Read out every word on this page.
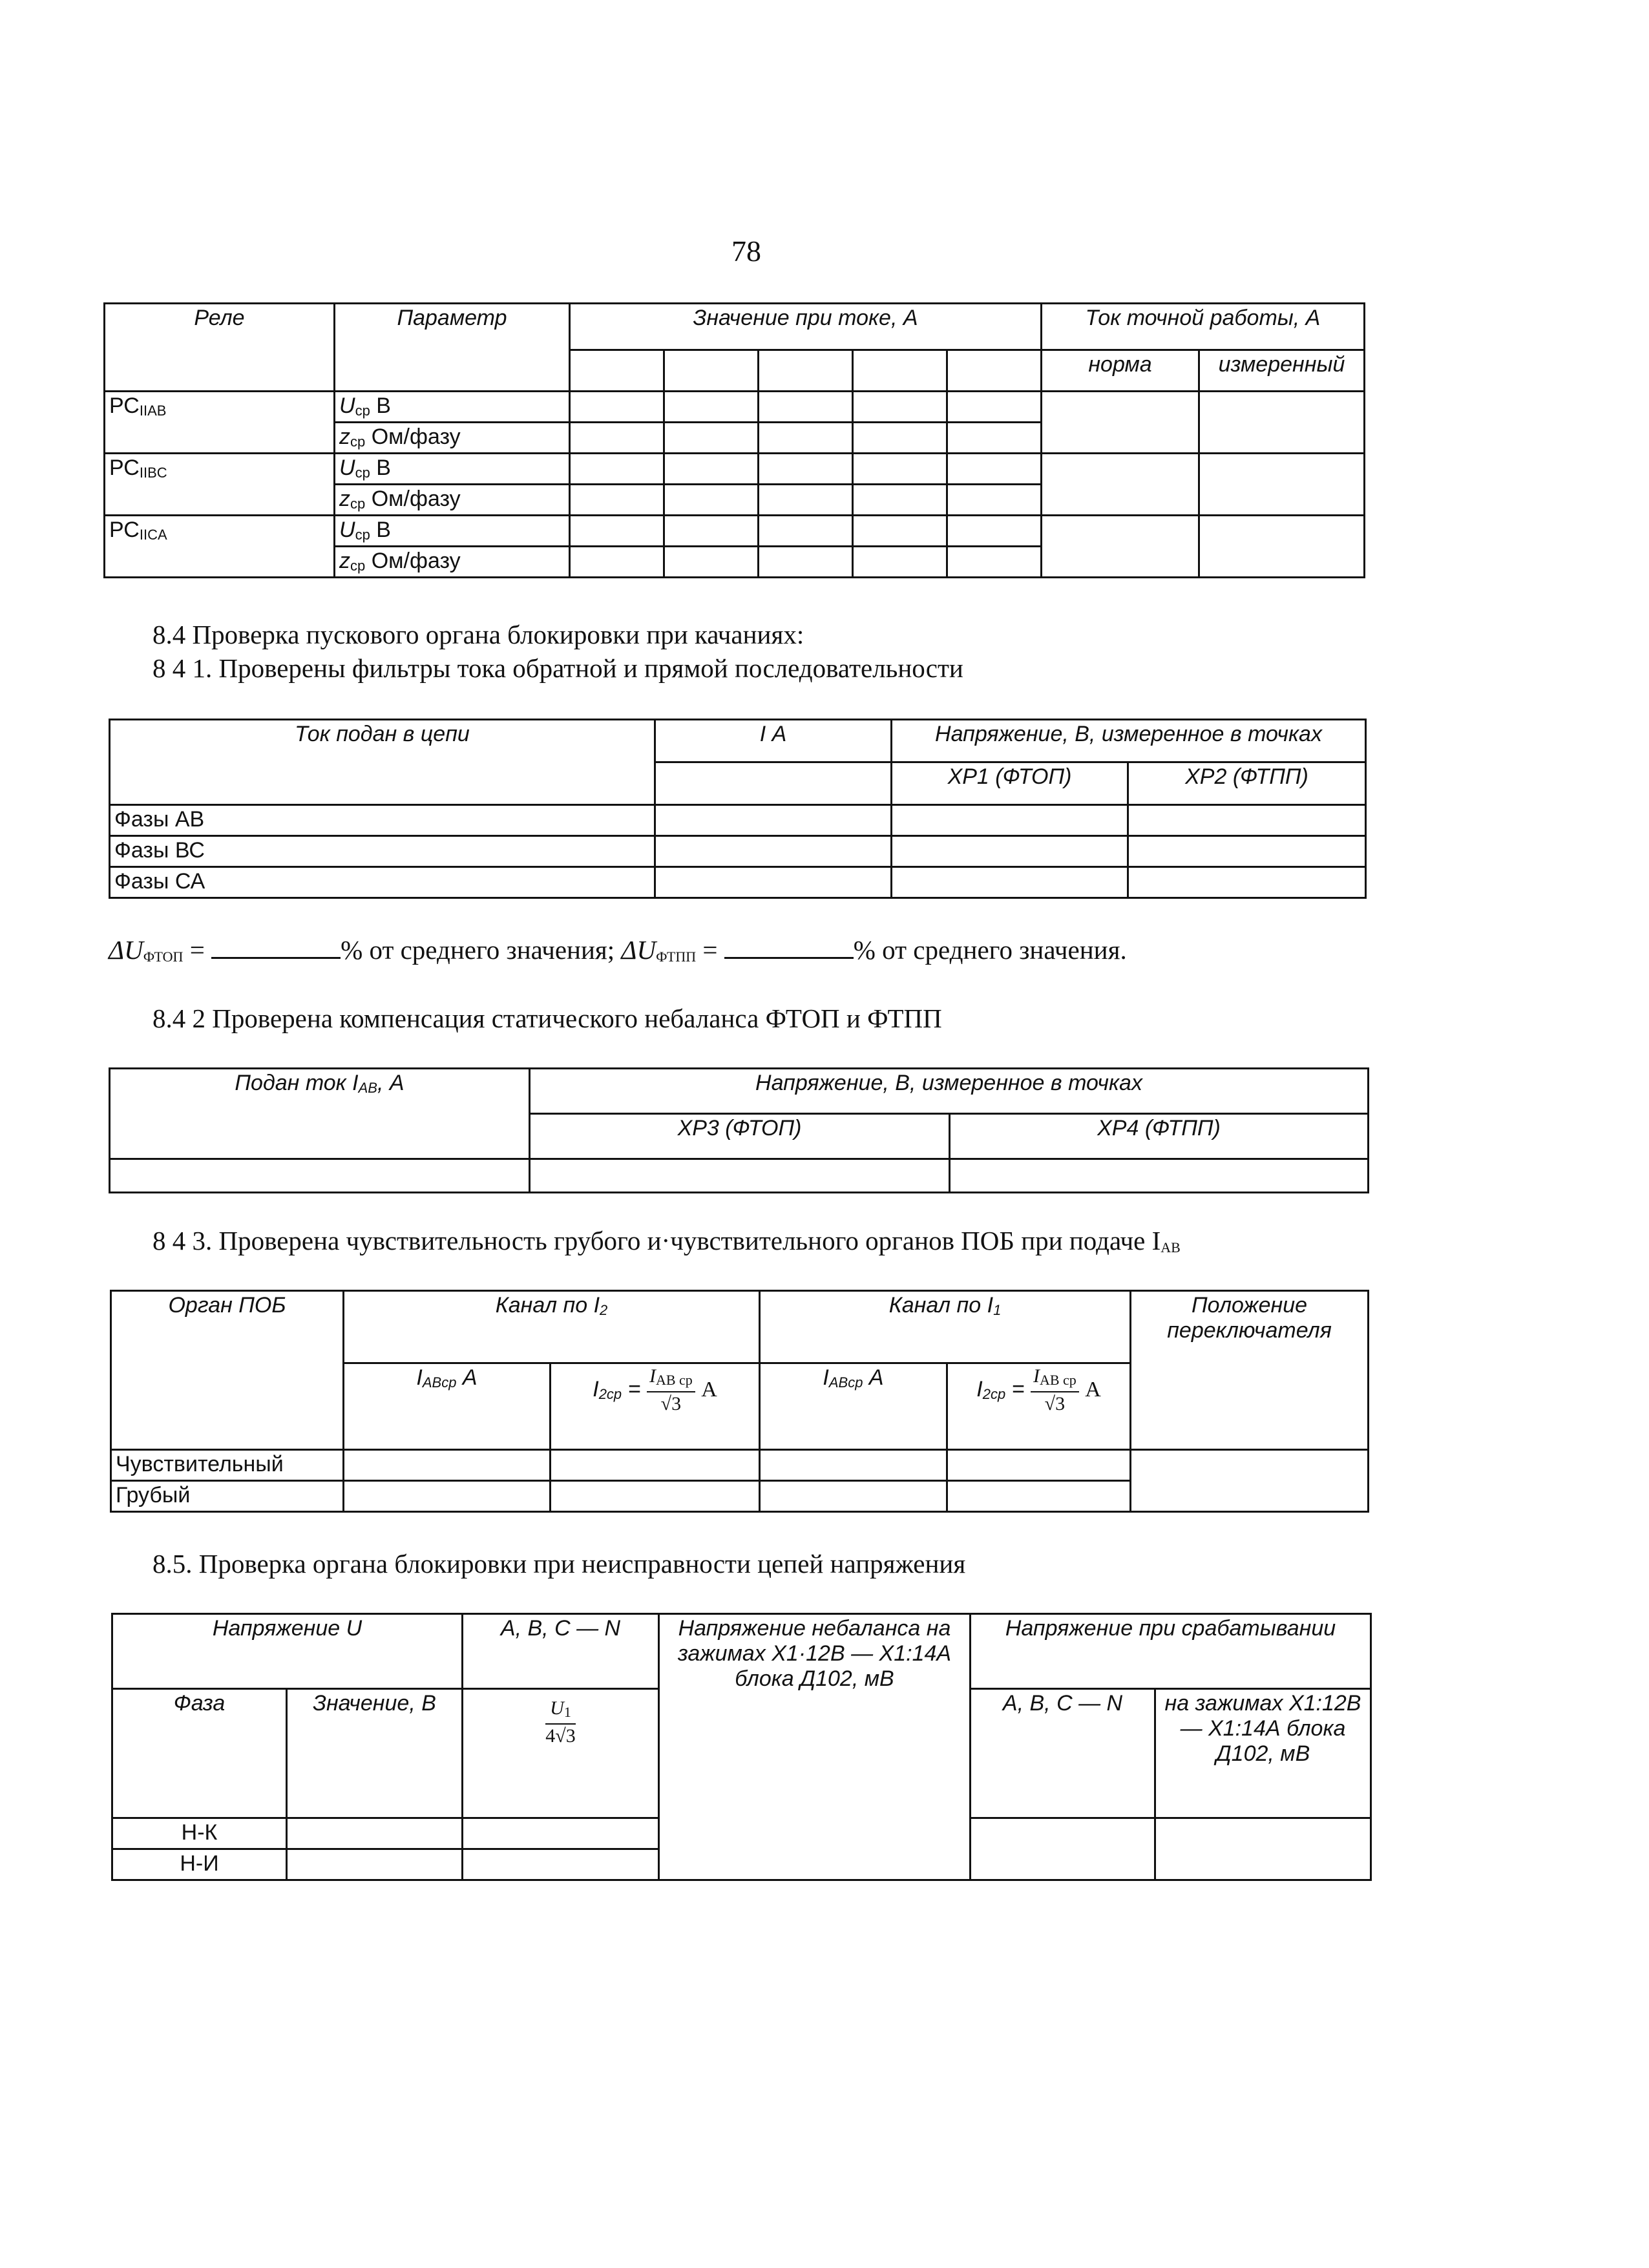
78
Реле	Параметр	Значение при токе, А					Ток точной работы, А	
							норма	измеренный
РСIIAB	Uср В							
	zср Ом/фазу							
РСIIBC	Uср В							
	zср Ом/фазу							
РСIICA	Uср В							
	zср Ом/фазу							
8.4 Проверка пускового органа блокировки при качаниях:
8 4 1. Проверены фильтры тока обратной и прямой последовательности
Ток подан в цепи	I А	Напряжение, В, измеренное в точках	
		ХР1 (ФТОП)	ХР2 (ФТПП)
Фазы АВ			
Фазы ВС			
Фазы СА			
ΔUФТОП =	% от среднего значения; ΔUФТПП =	% от среднего значения.
8.4 2 Проверена компенсация статического небаланса ФТОП и ФТПП
Подан ток IАВ, А	Напряжение, В, измеренное в точках	
	ХР3 (ФТОП)	ХР4 (ФТПП)

8 4 3. Проверена чувствительность грубого и·чувствительного органов ПОБ при подаче IАВ
Орган ПОБ	Канал по I2		Канал по I1		Положение переключателя
	IАВср А	$I2ср = \frac{\text{IАВ ср}}{√3}$ А	IАВср А	$I2ср = \frac{\text{IАВ ср}}{√3}$ А	
Чувствительный					
Грубый					
8.5. Проверка органа блокировки при неисправности цепей напряжения
Напряжение U		А, В, С — N	Напряжение небаланса на зажимах Х1·12В — Х1:14А блока Д102, мВ	Напряжение при срабатывании	
Фаза	Значение, В	$\frac{U1}{4√3}$		А, В, С — N	на зажимах Х1:12В — Х1:14А блока Д102, мВ
Н-К					
Н-И					
